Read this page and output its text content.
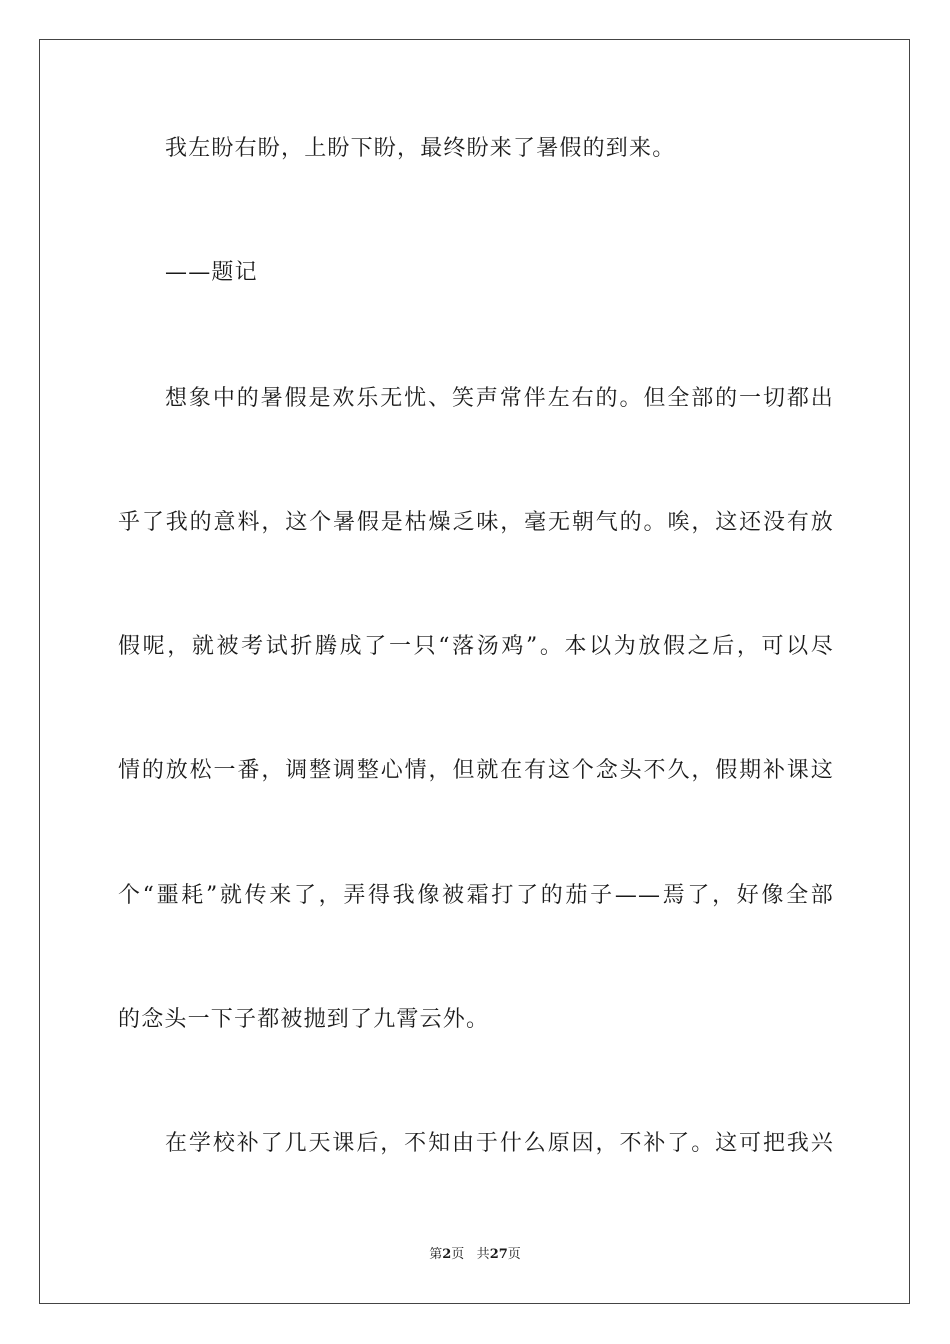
我左盼右盼，上盼下盼，最终盼来了暑假的到来。
——题记
想象中的暑假是欢乐无忧、笑声常伴左右的。但全部的一切都出
乎了我的意料，这个暑假是枯燥乏味，毫无朝气的。唉，这还没有放
假呢，就被考试折腾成了一只“落汤鸡”。本以为放假之后，可以尽
情的放松一番，调整调整心情，但就在有这个念头不久，假期补课这
个“噩耗”就传来了，弄得我像被霜打了的茄子——焉了，好像全部
的念头一下子都被抛到了九霄云外。
在学校补了几天课后，不知由于什么原因，不补了。这可把我兴
第2页 共27页
